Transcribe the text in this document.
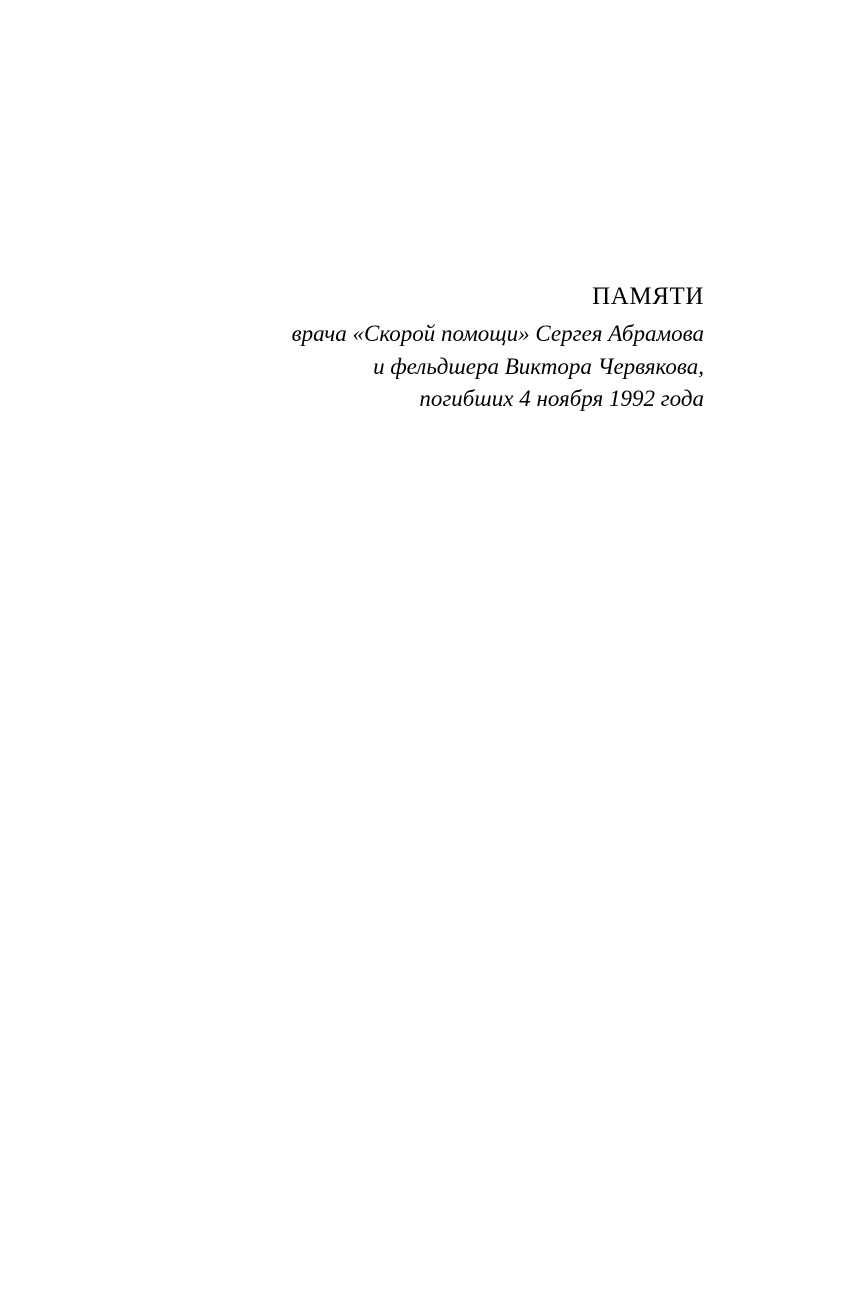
ПАМЯТИ

врача «Скорой помощи» Сергея Абрамова
и фельдшера Виктора Червякова,
погибших 4 ноября 1992 года
